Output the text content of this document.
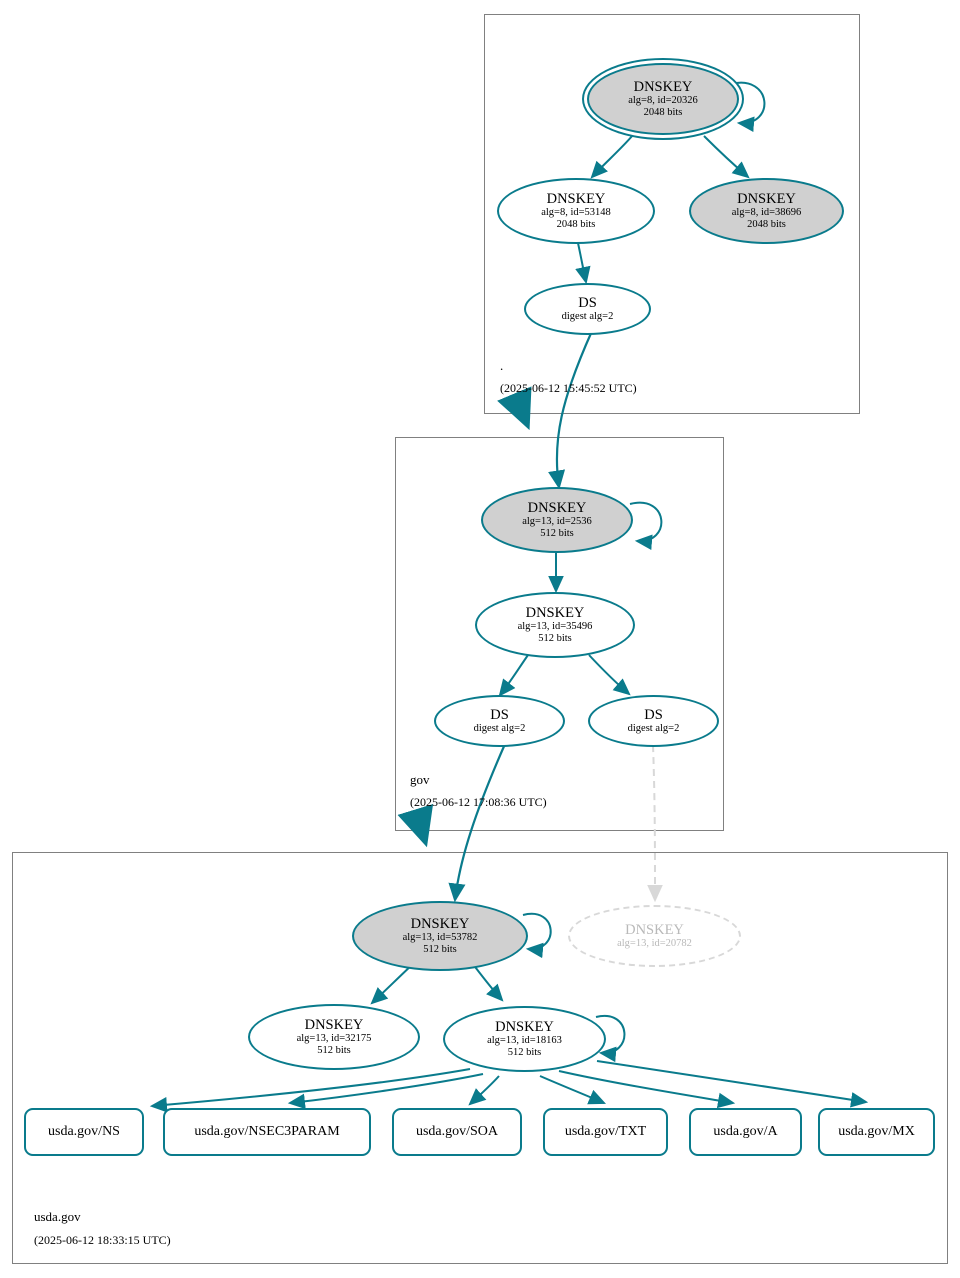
DNSKEY
alg=8, id=20326
2048 bits
DNSKEY
alg=8, id=53148
2048 bits
DNSKEY
alg=8, id=38696
2048 bits
DS
digest alg=2
.
(2025-06-12 15:45:52 UTC)
DNSKEY
alg=13, id=2536
512 bits
DNSKEY
alg=13, id=35496
512 bits
DS
digest alg=2
DS
digest alg=2
gov
(2025-06-12 17:08:36 UTC)
DNSKEY
alg=13, id=53782
512 bits
DNSKEY
alg=13, id=20782
DNSKEY
alg=13, id=32175
512 bits
DNSKEY
alg=13, id=18163
512 bits
usda.gov/NS	usda.gov/NSEC3PARAM	usda.gov/SOA	usda.gov/TXT	usda.gov/A	usda.gov/MX
usda.gov
(2025-06-12 18:33:15 UTC)
